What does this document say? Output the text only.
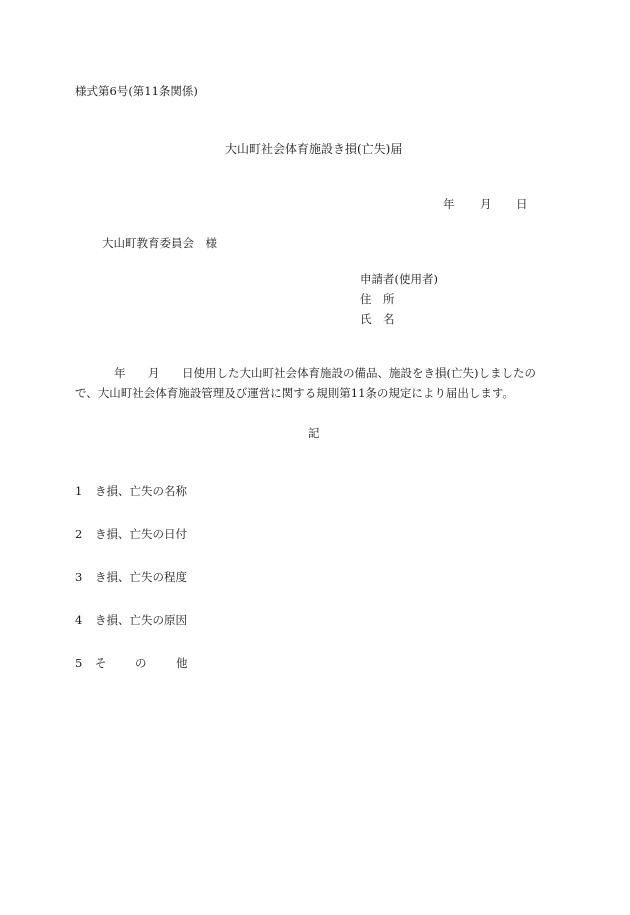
様式第6号(第11条関係)
大山町社会体育施設き損(亡失)届
年 月 日
大山町教育委員会　様
申請者(使用者)
住　所
氏　名
年 月 日使用した大山町社会体育施設の備品、施設をき損(亡失)しましたの
で、大山町社会体育施設管理及び運営に関する規則第11条の規定により届出します。
記

1

き損、亡失の名称

2

き損、亡失の日付

3

き損、亡失の程度

4

き損、亡失の原因

5

そ

の

	他
